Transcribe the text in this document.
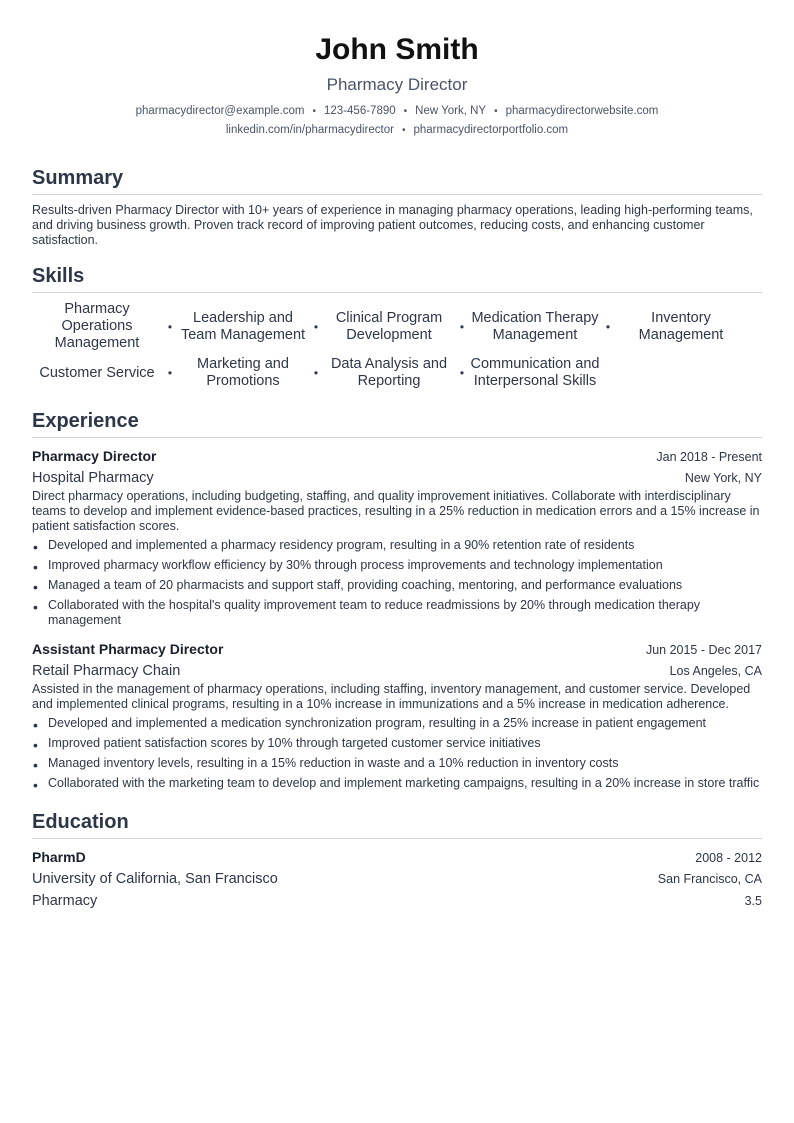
John Smith
Pharmacy Director
pharmacydirector@example.com • 123-456-7890 • New York, NY • pharmacydirectorwebsite.com
linkedin.com/in/pharmacydirector • pharmacydirectorportfolio.com
Summary
Results-driven Pharmacy Director with 10+ years of experience in managing pharmacy operations, leading high-performing teams, and driving business growth. Proven track record of improving patient outcomes, reducing costs, and enhancing customer satisfaction.
Skills
Pharmacy Operations Management
•
Leadership and Team Management •
Clinical Program Development	•
Medication Therapy Management	•
Inventory Management
Customer Service	•
Marketing and Promotions	•
Data Analysis and Reporting	•
Communication and Interpersonal Skills
Experience
Pharmacy Director	Jan 2018 - Present
Hospital Pharmacy	New York, NY
Direct pharmacy operations, including budgeting, staffing, and quality improvement initiatives. Collaborate with interdisciplinary teams to develop and implement evidence-based practices, resulting in a 25% reduction in medication errors and a 15% increase in patient satisfaction scores.
• Developed and implemented a pharmacy residency program, resulting in a 90% retention rate of residents
• Improved pharmacy workflow efficiency by 30% through process improvements and technology implementation
• Managed a team of 20 pharmacists and support staff, providing coaching, mentoring, and performance evaluations
• Collaborated with the hospital's quality improvement team to reduce readmissions by 20% through medication therapy management
Assistant Pharmacy Director	Jun 2015 - Dec 2017
Retail Pharmacy Chain	Los Angeles, CA
Assisted in the management of pharmacy operations, including staffing, inventory management, and customer service. Developed and implemented clinical programs, resulting in a 10% increase in immunizations and a 5% increase in medication adherence.
• Developed and implemented a medication synchronization program, resulting in a 25% increase in patient engagement
• Improved patient satisfaction scores by 10% through targeted customer service initiatives
• Managed inventory levels, resulting in a 15% reduction in waste and a 10% reduction in inventory costs
• Collaborated with the marketing team to develop and implement marketing campaigns, resulting in a 20% increase in store traffic
Education
PharmD	2008 - 2012
University of California, San Francisco	San Francisco, CA
Pharmacy	3.5
